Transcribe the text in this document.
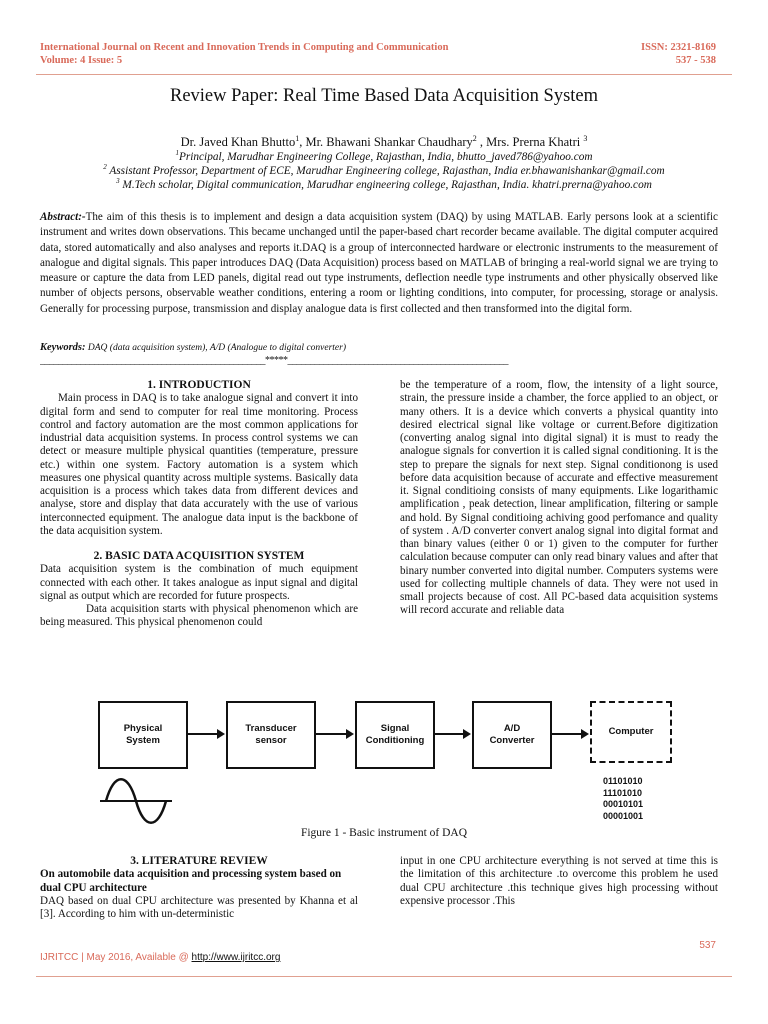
International Journal on Recent and Innovation Trends in Computing and Communication
Volume: 4 Issue: 5
ISSN: 2321-8169
537 - 538
Review Paper: Real Time Based Data Acquisition System
Dr. Javed Khan Bhutto$^1$, Mr. Bhawani Shankar Chaudhary$^2$ , Mrs. Prerna Khatri $^3$
$^1$Principal, Marudhar Engineering College, Rajasthan, India, bhutto_javed786@yahoo.com
$^2$ Assistant Professor, Department of ECE, Marudhar Engineering college, Rajasthan, India er.bhawanishankar@gmail.com
$^3$ M.Tech scholar, Digital communication, Marudhar engineering college, Rajasthan, India. khatri.prerna@yahoo.com
Abstract:-The aim of this thesis is to implement and design a data acquisition system (DAQ) by using MATLAB. Early persons look at a scientific instrument and writes down observations. This became unchanged until the paper-based chart recorder became available. The digital computer acquired data, stored automatically and also analyses and reports it.DAQ is a group of interconnected hardware or electronic instruments to the measurement of analogue and digital signals. This paper introduces DAQ (Data Acquisition) process based on MATLAB of bringing a real-world signal we are trying to measure or capture the data from LED panels, digital read out type instruments, deflection needle type instruments and other physically observed like number of objects persons, observable weather conditions, entering a room or lighting conditions, into computer, for processing, storage or analysis. Generally for processing purpose, transmission and display analogue data is first collected and then transformed into the digital form.
Keywords: DAQ (data acquisition system), A/D (Analogue to digital converter)
__________________________________________________*****_________________________________________________

1. INTRODUCTION

Main process in DAQ is to take analogue signal and convert it into digital form and send to computer for real time monitoring. Process control and factory automation are the most common applications for industrial data acquisition systems. In process control systems we can detect or measure multiple physical quantities (temperature, pressure etc.) within one system. Factory automation is a system which measures one physical quantity across multiple systems. Basically data acquisition is a process which takes data from different devices and analyse, store and display that data accurately with the use of various interconnected equipment. The analogue data input is the backbone of the data acquisition system.

2. BASIC DATA ACQUISITION SYSTEM

Data acquisition system is the combination of much equipment connected with each other. It takes analogue as input signal and digital signal as output which are recorded for future prospects.

Data acquisition starts with physical phenomenon which are being measured. This physical phenomenon could

be the temperature of a room, flow, the intensity of a light source, strain, the pressure inside a chamber, the force applied to an object, or many others. It is a device which converts a physical quantity into desired electrical signal like voltage or current.Before digitization (converting analog signal into digital signal) it is must to ready the analogue signals for convertion it is called signal conditioning. It is the step to prepare the signals for next step. Signal conditionong is used before data acquisition because of accurate and effective measurement it. Signal conditioing consists of many equipments. Like logarithamic amplification , peak detection, linear amplification, filtering or sample and hold. By Signal conditioing achiving good perfomance and quality of system . A/D converter convert analog signal into digital format and than binary values (either 0 or 1) given to the computer for further calculation because computer can only read binary values and after that binary number converted into digital number. Computers systems were used for collecting multiple channels of data. They were not used in small projects because of cost. All PC-based data acquisition systems will record accurate and reliable data

Physical
System
Transducer
sensor
Signal
Conditioning
A/D
Converter
Computer
01101010
11101010
00010101
00001001
Figure 1 - Basic instrument of DAQ

3. LITERATURE REVIEW

On automobile data acquisition and processing system based on dual CPU architecture

DAQ based on dual CPU architecture was presented by Khanna et al [3]. According to him with un-deterministic

input in one CPU architecture everything is not served at time this is the limitation of this architecture .to overcome this problem he used dual CPU architecture .this technique gives high processing without expensive processor .This

537
IJRITCC | May 2016, Available @ http://www.ijritcc.org
